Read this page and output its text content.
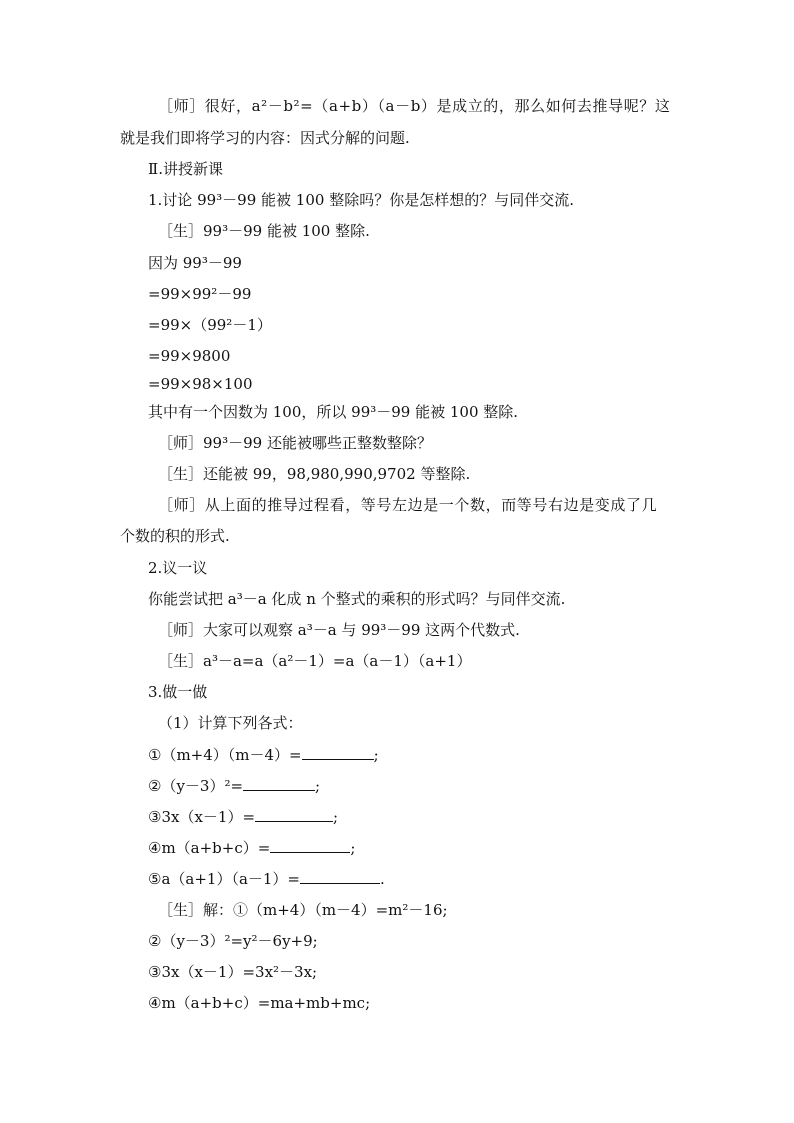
［师］很好，a²－b²=（a+b）（a－b）是成立的，那么如何去推导呢？这
就是我们即将学习的内容：因式分解的问题.
Ⅱ.讲授新课
1.讨论 99³－99 能被 100 整除吗？你是怎样想的？与同伴交流.
［生］99³－99 能被 100 整除.
因为 99³－99
=99×99²－99
=99×（99²－1）
=99×9800
=99×98×100
其中有一个因数为 100，所以 99³－99 能被 100 整除.
［师］99³－99 还能被哪些正整数整除？
［生］还能被 99，98,980,990,9702 等整除.
［师］从上面的推导过程看，等号左边是一个数，而等号右边是变成了几
个数的积的形式.
2.议一议
你能尝试把 a³－a 化成 n 个整式的乘积的形式吗？与同伴交流.
［师］大家可以观察 a³－a 与 99³－99 这两个代数式.
［生］a³－a=a（a²－1）=a（a－1）（a+1）
3.做一做
（1）计算下列各式：
①（m+4）（m－4）=	;
②（y－3）²=	;
③3x（x－1）=	;
④m（a+b+c）=	;
⑤a（a+1）（a－1）=	.
［生］解：①（m+4）（m－4）=m²－16;
②（y－3）²=y²－6y+9;
③3x（x－1）=3x²－3x;
④m（a+b+c）=ma+mb+mc;
